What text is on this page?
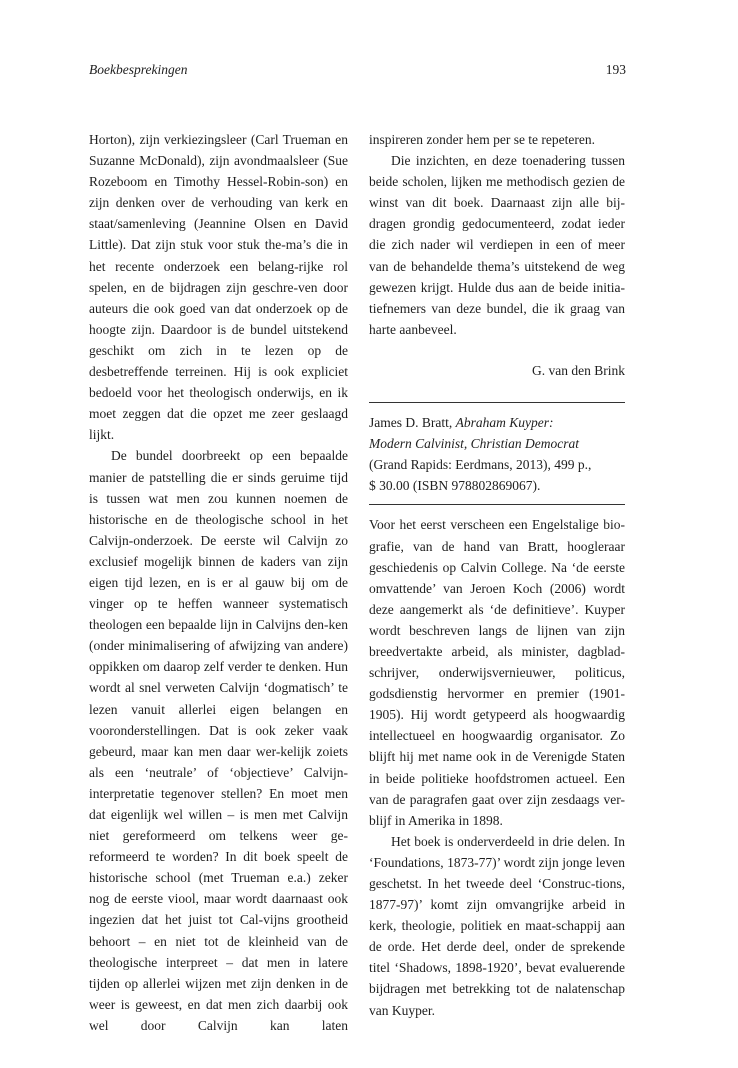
Boekbesprekingen	193

Horton), zijn verkiezingsleer (Carl Trueman en Suzanne McDonald), zijn avondmaalsleer (Sue Rozeboom en Timothy Hessel-Robin-son) en zijn denken over de verhouding van kerk en staat/samenleving (Jeannine Olsen en David Little). Dat zijn stuk voor stuk the-ma’s die in het recente onderzoek een belang-rijke rol spelen, en de bijdragen zijn geschre-ven door auteurs die ook goed van dat onderzoek op de hoogte zijn. Daardoor is de bundel uitstekend geschikt om zich in te lezen op de desbetreffende terreinen. Hij is ook expliciet bedoeld voor het theologisch onderwijs, en ik moet zeggen dat die opzet me zeer geslaagd lijkt.

De bundel doorbreekt op een bepaalde manier de patstelling die er sinds geruime tijd is tussen wat men zou kunnen noemen de historische en de theologische school in het Calvijn-onderzoek. De eerste wil Calvijn zo exclusief mogelijk binnen de kaders van zijn eigen tijd lezen, en is er al gauw bij om de vinger op te heffen wanneer systematisch theologen een bepaalde lijn in Calvijns den-ken (onder minimalisering of afwijzing van andere) oppikken om daarop zelf verder te denken. Hun wordt al snel verweten Calvijn ‘dogmatisch’ te lezen vanuit allerlei eigen belangen en vooronderstellingen. Dat is ook zeker vaak gebeurd, maar kan men daar wer-kelijk zoiets als een ‘neutrale’ of ‘objectieve’ Calvijn-interpretatie tegenover stellen? En moet men dat eigenlijk wel willen – is men met Calvijn niet gereformeerd om telkens weer ge-reformeerd te worden? In dit boek speelt de historische school (met Trueman e.a.) zeker nog de eerste viool, maar wordt daarnaast ook ingezien dat het juist tot Cal-vijns grootheid behoort – en niet tot de kleinheid van de theologische interpreet – dat men in latere tijden op allerlei wijzen met zijn denken in de weer is geweest, en dat men zich daarbij ook wel door Calvijn kan laten

inspireren zonder hem per se te repeteren.

Die inzichten, en deze toenadering tussen beide scholen, lijken me methodisch gezien de winst van dit boek. Daarnaast zijn alle bij-dragen grondig gedocumenteerd, zodat ieder die zich nader wil verdiepen in een of meer van de behandelde thema’s uitstekend de weg gewezen krijgt. Hulde dus aan de beide initia-tiefnemers van deze bundel, die ik graag van harte aanbeveel.

G. van den Brink

James D. Bratt, Abraham Kuyper:
Modern Calvinist, Christian Democrat
(Grand Rapids: Eerdmans, 2013), 499 p.,
$ 30.00 (ISBN 978802869067).

Voor het eerst verscheen een Engelstalige bio-grafie, van de hand van Bratt, hoogleraar geschiedenis op Calvin College. Na ‘de eerste omvattende’ van Jeroen Koch (2006) wordt deze aangemerkt als ‘de definitieve’. Kuyper wordt beschreven langs de lijnen van zijn breedvertakte arbeid, als minister, dagblad-schrijver, onderwijsvernieuwer, politicus, godsdienstig hervormer en premier (1901-1905). Hij wordt getypeerd als hoogwaardig intellectueel en hoogwaardig organisator. Zo blijft hij met name ook in de Verenigde Staten in beide politieke hoofdstromen actueel. Een van de paragrafen gaat over zijn zesdaags ver-blijf in Amerika in 1898.

Het boek is onderverdeeld in drie delen. In ‘Foundations, 1873-77)’ wordt zijn jonge leven geschetst. In het tweede deel ‘Construc-tions, 1877-97)’ komt zijn omvangrijke arbeid in kerk, theologie, politiek en maat-schappij aan de orde. Het derde deel, onder de sprekende titel ‘Shadows, 1898-1920’, bevat evaluerende bijdragen met betrekking tot de nalatenschap van Kuyper.
